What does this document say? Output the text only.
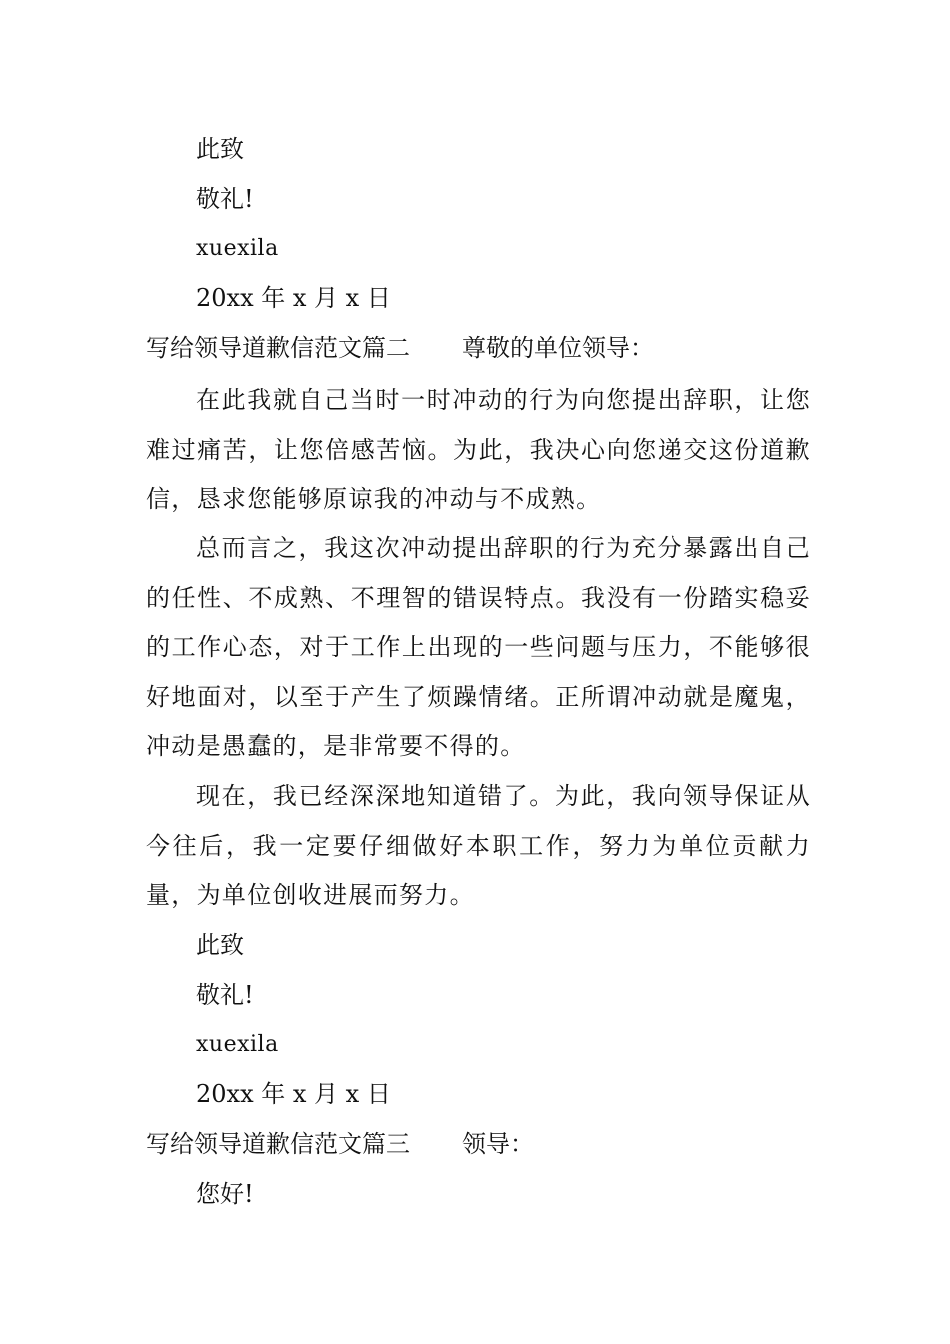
此致
敬礼!
xuexila
20xx 年 x 月 x 日
写给领导道歉信范文篇二 尊敬的单位领导：

在此我就自己当时一时冲动的行为向您提出辞职，让您难过痛苦，让您倍感苦恼。为此，我决心向您递交这份道歉信，恳求您能够原谅我的冲动与不成熟。

总而言之，我这次冲动提出辞职的行为充分暴露出自己的任性、不成熟、不理智的错误特点。我没有一份踏实稳妥的工作心态，对于工作上出现的一些问题与压力，不能够很好地面对，以至于产生了烦躁情绪。正所谓冲动就是魔鬼，冲动是愚蠢的，是非常要不得的。

现在，我已经深深地知道错了。为此，我向领导保证从今往后，我一定要仔细做好本职工作，努力为单位贡献力量，为单位创收进展而努力。

此致
敬礼!
xuexila
20xx 年 x 月 x 日
写给领导道歉信范文篇三 领导：
您好!
